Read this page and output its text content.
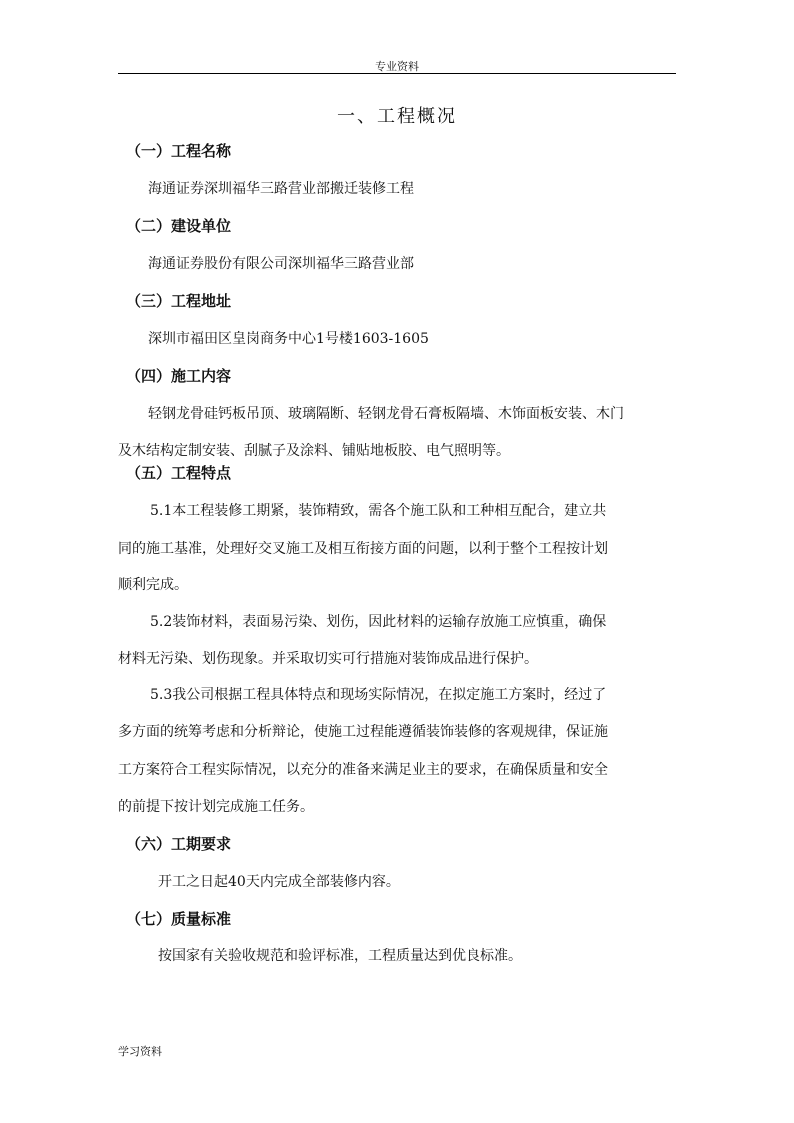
专业资料
一、工程概况
（一）工程名称
海通证券深圳福华三路营业部搬迁装修工程
（二）建设单位
海通证券股份有限公司深圳福华三路营业部
（三）工程地址
深圳市福田区皇岗商务中心1号楼1603-1605
（四）施工内容
轻钢龙骨硅钙板吊顶、玻璃隔断、轻钢龙骨石膏板隔墙、木饰面板安装、木门
及木结构定制安装、刮腻子及涂料、铺贴地板胶、电气照明等。
（五）工程特点
5.1本工程装修工期紧，装饰精致，需各个施工队和工种相互配合，建立共
同的施工基准，处理好交叉施工及相互衔接方面的问题，以利于整个工程按计划
顺利完成。
5.2装饰材料，表面易污染、划伤，因此材料的运输存放施工应慎重，确保
材料无污染、划伤现象。并采取切实可行措施对装饰成品进行保护。
5.3我公司根据工程具体特点和现场实际情况，在拟定施工方案时，经过了
多方面的统筹考虑和分析辩论，使施工过程能遵循装饰装修的客观规律，保证施
工方案符合工程实际情况，以充分的准备来满足业主的要求，在确保质量和安全
的前提下按计划完成施工任务。
（六）工期要求
开工之日起40天内完成全部装修内容。
（七）质量标准
按国家有关验收规范和验评标准，工程质量达到优良标准。
学习资料
